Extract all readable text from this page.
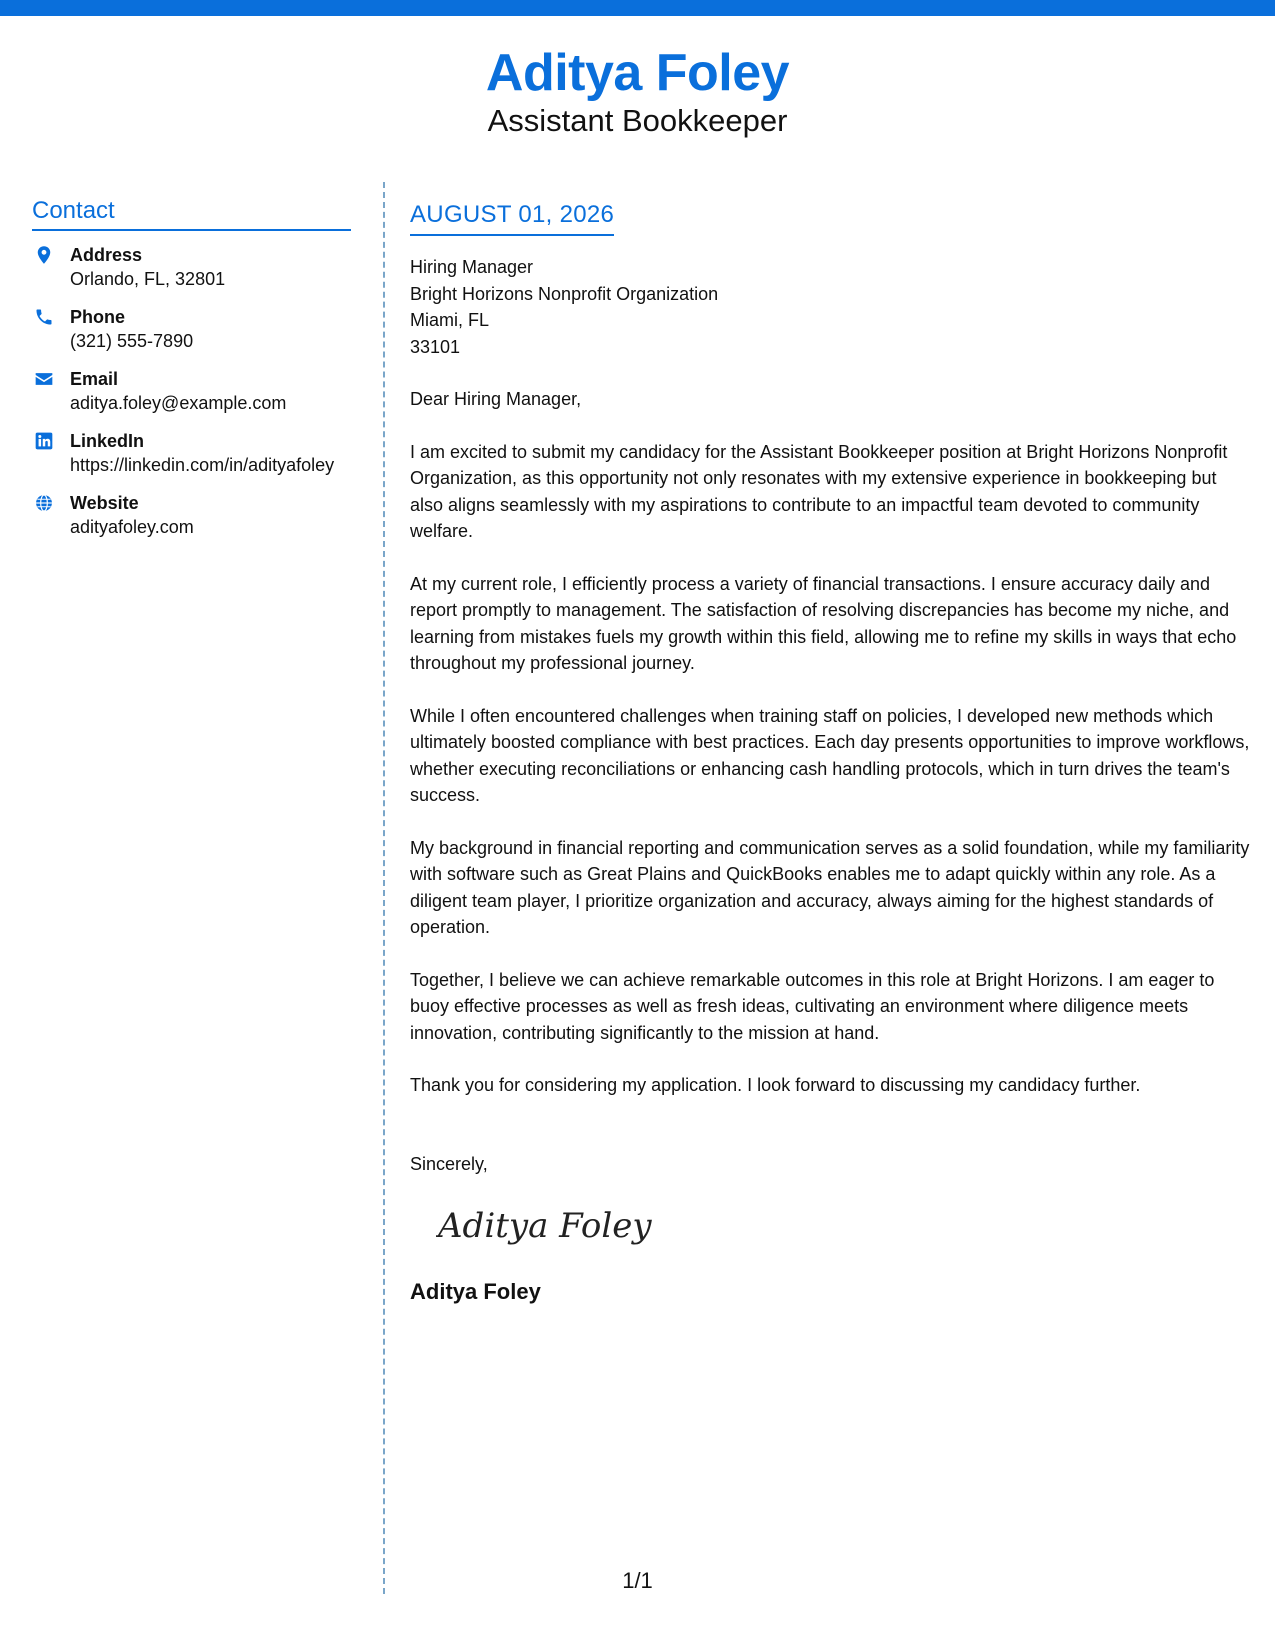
Aditya Foley
Assistant Bookkeeper
Contact
Address
Orlando, FL, 32801
Phone
(321) 555-7890
Email
aditya.foley@example.com
LinkedIn
https://linkedin.com/in/adityafoley
Website
adityafoley.com
AUGUST 01, 2026
Hiring Manager
Bright Horizons Nonprofit Organization
Miami, FL
33101
Dear Hiring Manager,
I am excited to submit my candidacy for the Assistant Bookkeeper position at Bright Horizons Nonprofit Organization, as this opportunity not only resonates with my extensive experience in bookkeeping but also aligns seamlessly with my aspirations to contribute to an impactful team devoted to community welfare.
At my current role, I efficiently process a variety of financial transactions. I ensure accuracy daily and report promptly to management. The satisfaction of resolving discrepancies has become my niche, and learning from mistakes fuels my growth within this field, allowing me to refine my skills in ways that echo throughout my professional journey.
While I often encountered challenges when training staff on policies, I developed new methods which ultimately boosted compliance with best practices. Each day presents opportunities to improve workflows, whether executing reconciliations or enhancing cash handling protocols, which in turn drives the team's success.
My background in financial reporting and communication serves as a solid foundation, while my familiarity with software such as Great Plains and QuickBooks enables me to adapt quickly within any role. As a diligent team player, I prioritize organization and accuracy, always aiming for the highest standards of operation.
Together, I believe we can achieve remarkable outcomes in this role at Bright Horizons. I am eager to buoy effective processes as well as fresh ideas, cultivating an environment where diligence meets innovation, contributing significantly to the mission at hand.
Thank you for considering my application. I look forward to discussing my candidacy further.
Sincerely,
Aditya Foley
Aditya Foley
1/1
